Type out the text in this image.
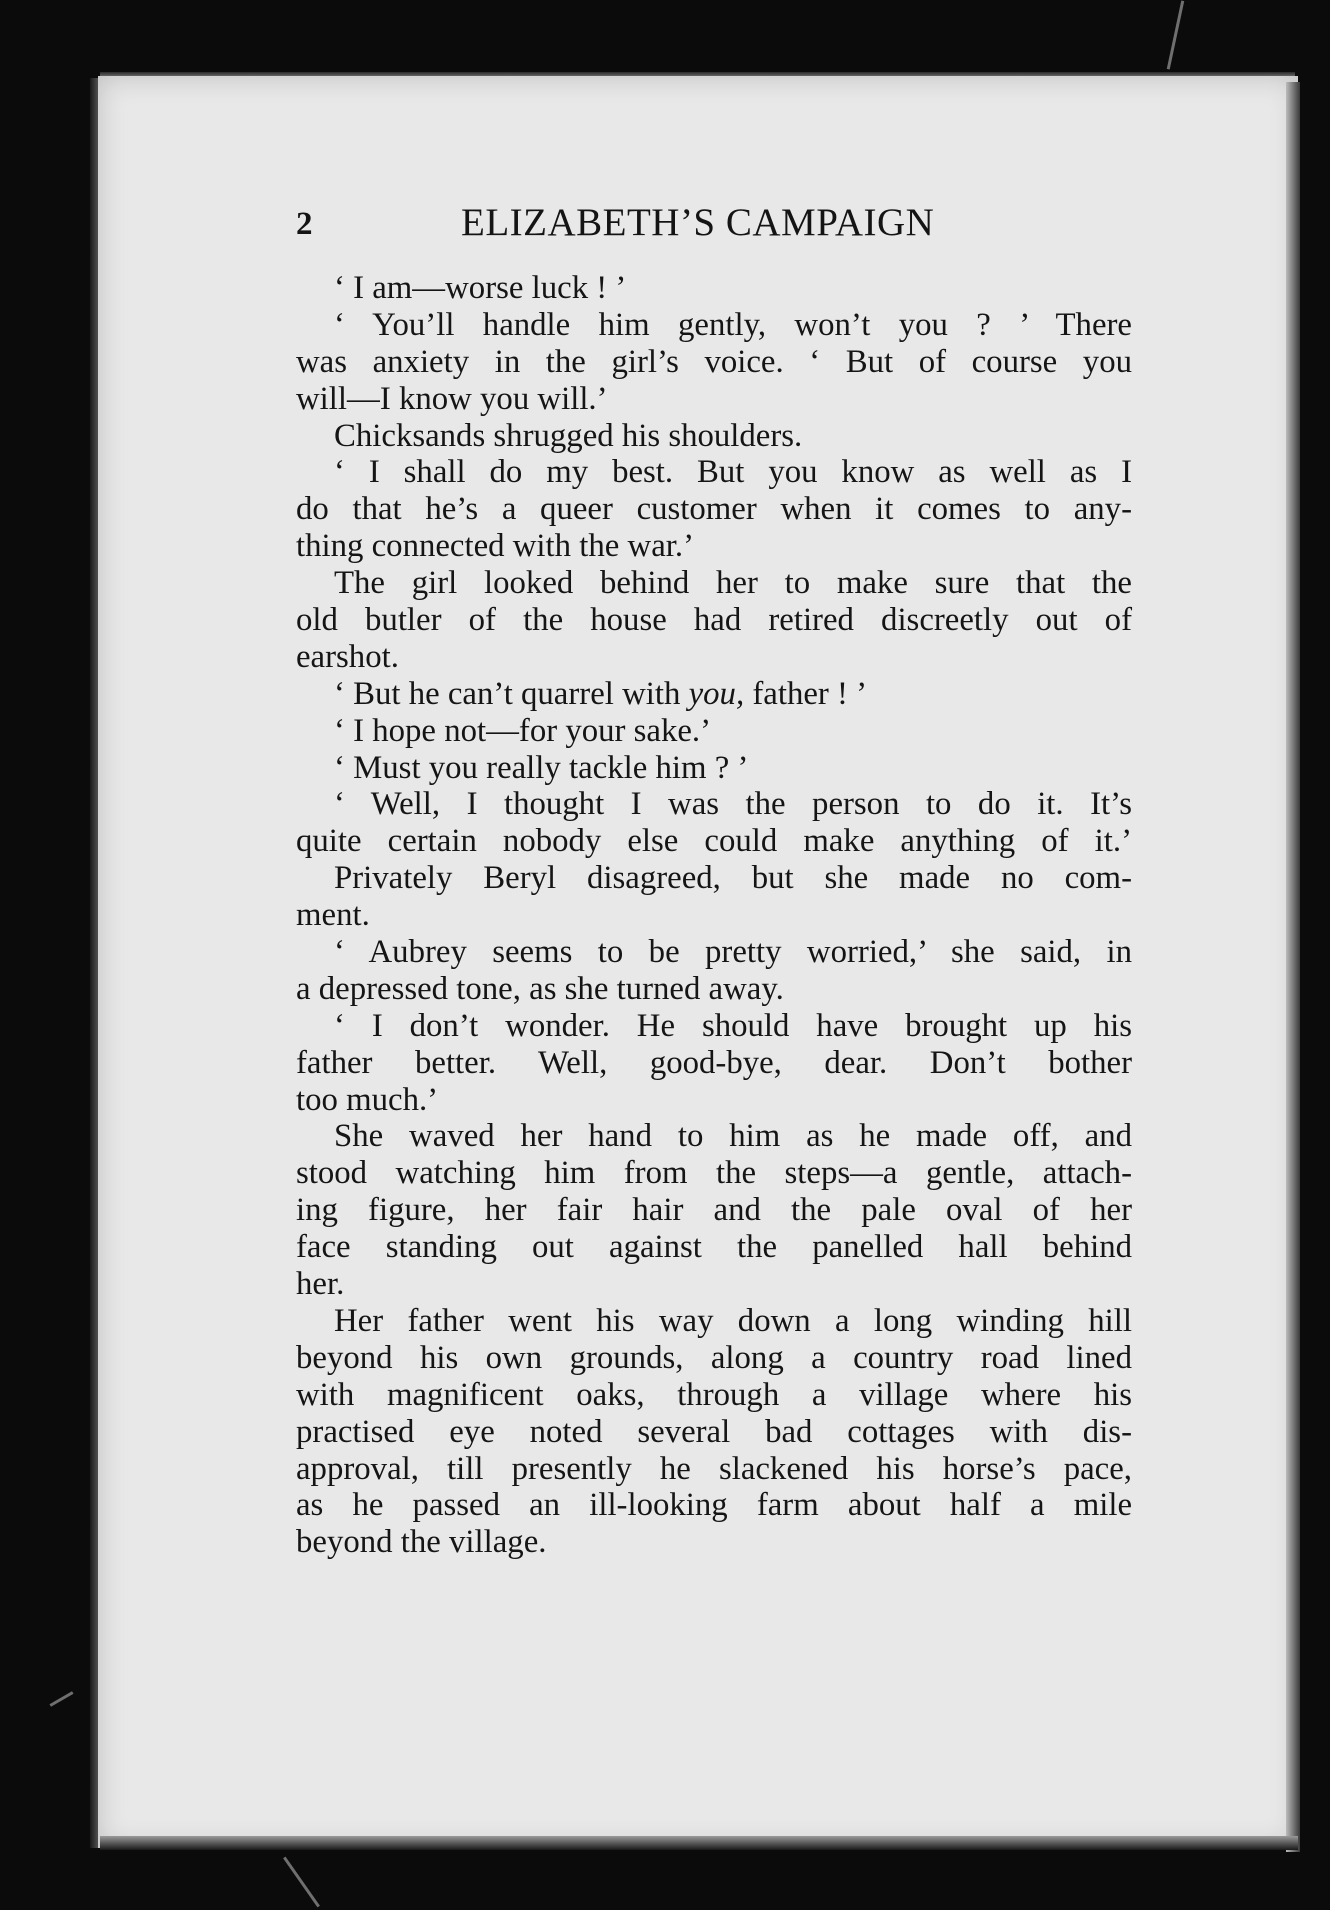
2	ELIZABETH’S CAMPAIGN
‘ I am—worse luck ! ’
‘ You’ll handle him gently, won’t you ? ’ There
was anxiety in the girl’s voice. ‘ But of course you
will—I know you will.’
Chicksands shrugged his shoulders.
‘ I shall do my best. But you know as well as I
do that he’s a queer customer when it comes to any-
thing connected with the war.’
The girl looked behind her to make sure that the
old butler of the house had retired discreetly out of
earshot.
‘ But he can’t quarrel with you, father ! ’
‘ I hope not—for your sake.’
‘ Must you really tackle him ? ’
‘ Well, I thought I was the person to do it. It’s
quite certain nobody else could make anything of it.’
Privately Beryl disagreed, but she made no com-
ment.
‘ Aubrey seems to be pretty worried,’ she said, in
a depressed tone, as she turned away.
‘ I don’t wonder. He should have brought up his
father better. Well, good-bye, dear. Don’t bother
too much.’
She waved her hand to him as he made off, and
stood watching him from the steps—a gentle, attach-
ing figure, her fair hair and the pale oval of her
face standing out against the panelled hall behind
her.
Her father went his way down a long winding hill
beyond his own grounds, along a country road lined
with magnificent oaks, through a village where his
practised eye noted several bad cottages with dis-
approval, till presently he slackened his horse’s pace,
as he passed an ill-looking farm about half a mile
beyond the village.
